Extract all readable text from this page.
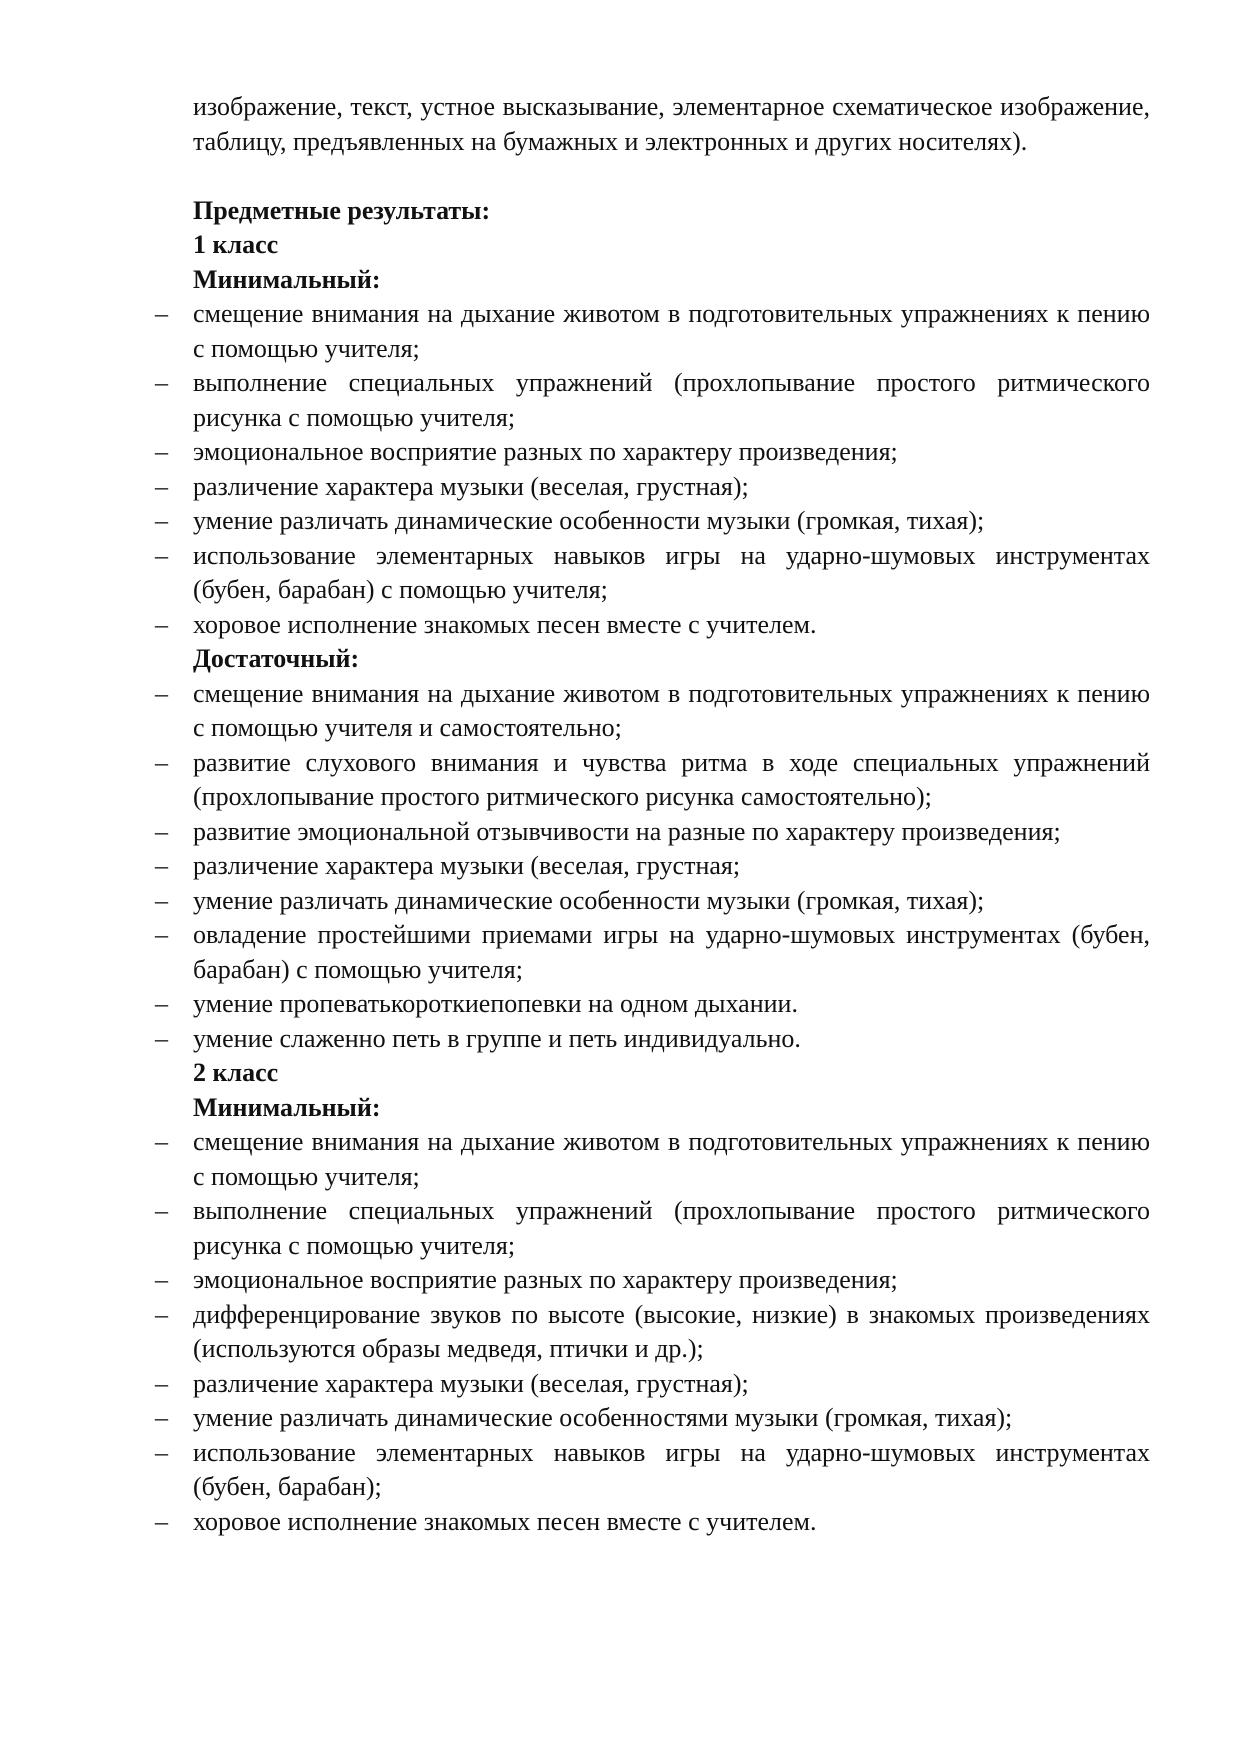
изображение, текст, устное высказывание, элементарное схематическое изображение, таблицу, предъявленных на бумажных и электронных и других носителях).

Предметные результаты:
1 класс
Минимальный:
– смещение внимания на дыхание животом в подготовительных упражнениях к пению с помощью учителя;
– выполнение специальных упражнений (прохлопывание простого ритмического рисунка с помощью учителя;
– эмоциональное восприятие разных по характеру произведения;
– различение характера музыки (веселая, грустная);
– умение различать динамические особенности музыки (громкая, тихая);
– использование элементарных навыков игры на ударно-шумовых инструментах (бубен, барабан) с помощью учителя;
– хоровое исполнение знакомых песен вместе с учителем.
Достаточный:
– смещение внимания на дыхание животом в подготовительных упражнениях к пению с помощью учителя и самостоятельно;
– развитие слухового внимания и чувства ритма в ходе специальных упражнений (прохлопывание простого ритмического рисунка самостоятельно);
– развитие эмоциональной отзывчивости на разные по характеру произведения;
– различение характера музыки (веселая, грустная;
– умение различать динамические особенности музыки (громкая, тихая);
– овладение простейшими приемами игры на ударно-шумовых инструментах (бубен, барабан) с помощью учителя;
– умение пропеватькороткиепопевки на одном дыхании.
– умение слаженно петь в группе и петь индивидуально.
2 класс
Минимальный:
– смещение внимания на дыхание животом в подготовительных упражнениях к пению с помощью учителя;
– выполнение специальных упражнений (прохлопывание простого ритмического рисунка с помощью учителя;
– эмоциональное восприятие разных по характеру произведения;
– дифференцирование звуков по высоте (высокие, низкие) в знакомых произведениях (используются образы медведя, птички и др.);
– различение характера музыки (веселая, грустная);
– умение различать динамические особенностями музыки (громкая, тихая);
– использование элементарных навыков игры на ударно-шумовых инструментах (бубен, барабан);
– хоровое исполнение знакомых песен вместе с учителем.
